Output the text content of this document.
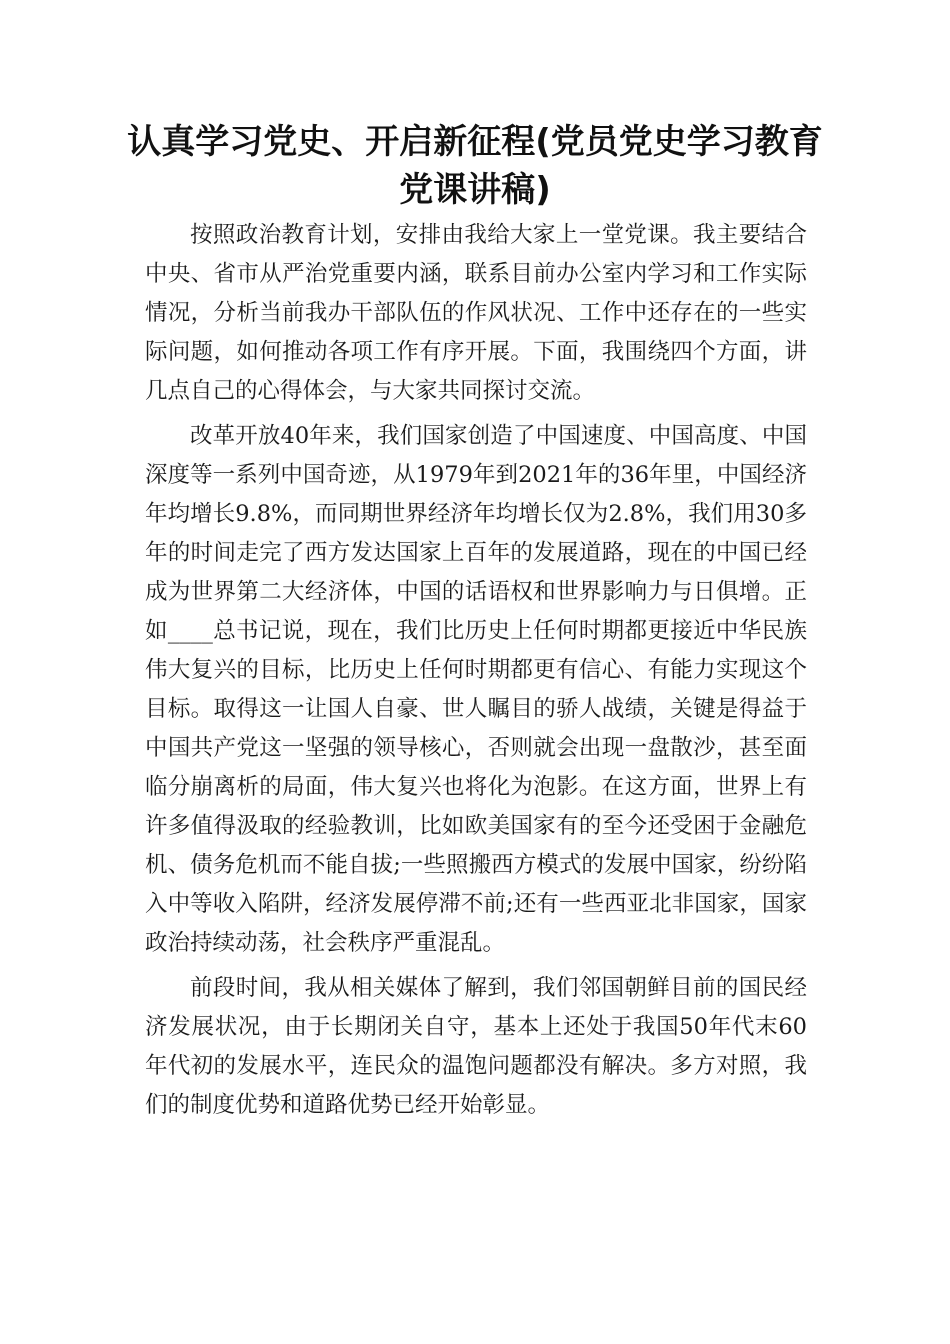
认真学习党史、开启新征程(党员党史学习教育党课讲稿)

按照政治教育计划，安排由我给大家上一堂党课。我主要结合中央、省市从严治党重要内涵，联系目前办公室内学习和工作实际情况，分析当前我办干部队伍的作风状况、工作中还存在的一些实际问题，如何推动各项工作有序开展。下面，我围绕四个方面，讲几点自己的心得体会，与大家共同探讨交流。

改革开放40年来，我们国家创造了中国速度、中国高度、中国深度等一系列中国奇迹，从1979年到2021年的36年里，中国经济年均增长9.8%，而同期世界经济年均增长仅为2.8%，我们用30多年的时间走完了西方发达国家上百年的发展道路，现在的中国已经成为世界第二大经济体，中国的话语权和世界影响力与日俱增。正如____总书记说，现在，我们比历史上任何时期都更接近中华民族伟大复兴的目标，比历史上任何时期都更有信心、有能力实现这个目标。取得这一让国人自豪、世人瞩目的骄人战绩，关键是得益于中国共产党这一坚强的领导核心，否则就会出现一盘散沙，甚至面临分崩离析的局面，伟大复兴也将化为泡影。在这方面，世界上有许多值得汲取的经验教训，比如欧美国家有的至今还受困于金融危机、债务危机而不能自拔;一些照搬西方模式的发展中国家，纷纷陷入中等收入陷阱，经济发展停滞不前;还有一些西亚北非国家，国家政治持续动荡，社会秩序严重混乱。

前段时间，我从相关媒体了解到，我们邻国朝鲜目前的国民经济发展状况，由于长期闭关自守，基本上还处于我国50年代末60年代初的发展水平，连民众的温饱问题都没有解决。多方对照，我们的制度优势和道路优势已经开始彰显。
